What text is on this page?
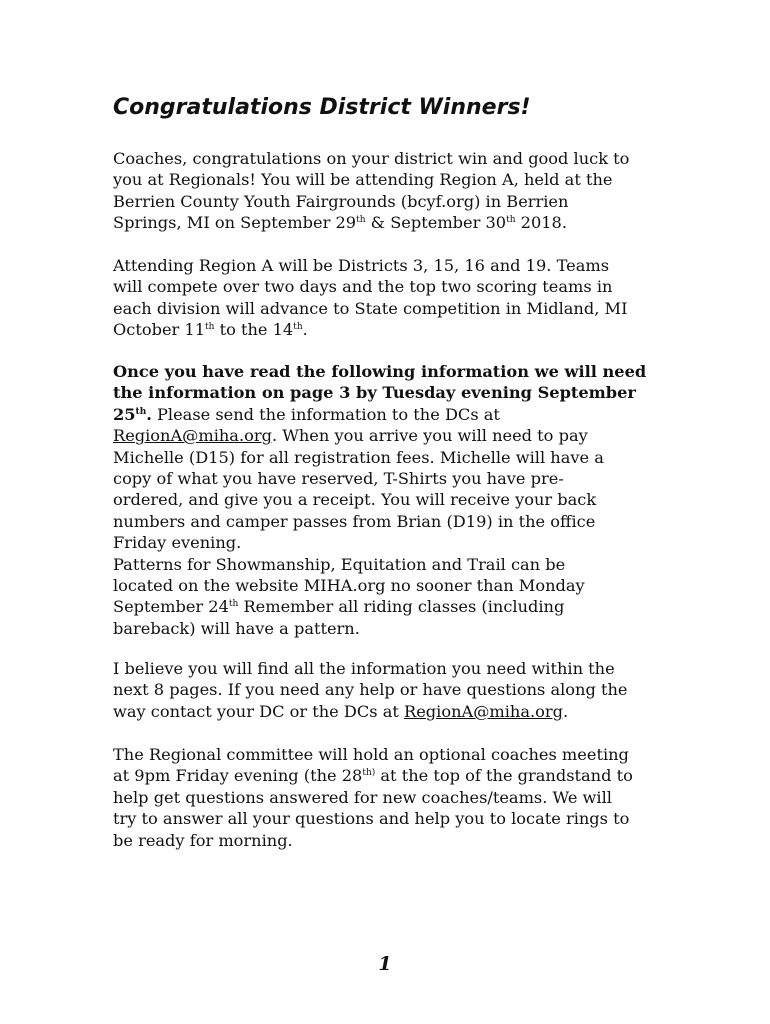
Congratulations District Winners!

Coaches, congratulations on your district win and good luck to
you at Regionals! You will be attending Region A, held at the
Berrien County Youth Fairgrounds (bcyf.org) in Berrien
Springs, MI on September 29th & September 30th 2018.

Attending Region A will be Districts 3, 15, 16 and 19. Teams
will compete over two days and the top two scoring teams in
each division will advance to State competition in Midland, MI
October 11th to the 14th.

Once you have read the following information we will need
the information on page 3 by Tuesday evening September
25th. Please send the information to the DCs at
RegionA@miha.org. When you arrive you will need to pay
Michelle (D15) for all registration fees. Michelle will have a
copy of what you have reserved, T-Shirts you have pre-
ordered, and give you a receipt. You will receive your back
numbers and camper passes from Brian (D19) in the office
Friday evening.
Patterns for Showmanship, Equitation and Trail can be
located on the website MIHA.org no sooner than Monday
September 24th Remember all riding classes (including
bareback) will have a pattern.

I believe you will find all the information you need within the
next 8 pages. If you need any help or have questions along the
way contact your DC or the DCs at RegionA@miha.org.

The Regional committee will hold an optional coaches meeting
at 9pm Friday evening (the $28^{th)}$ at the top of the grandstand to
help get questions answered for new coaches/teams. We will
try to answer all your questions and help you to locate rings to
be ready for morning.

1
